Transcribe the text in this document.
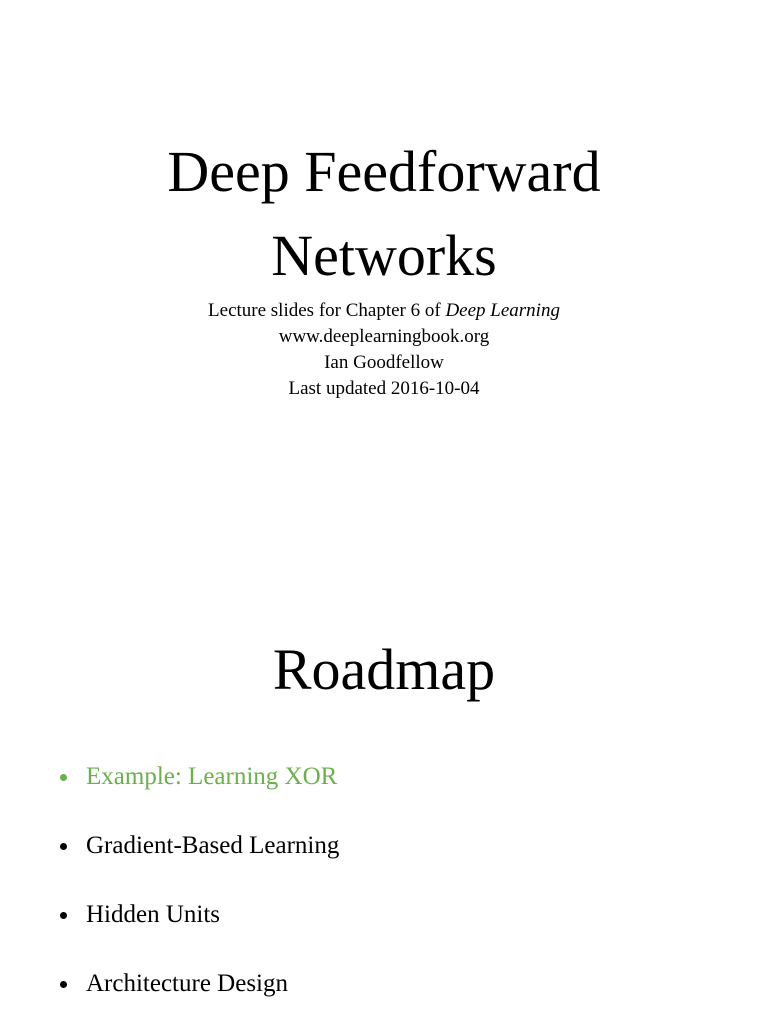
Deep Feedforward
Networks
Lecture slides for Chapter 6 of Deep Learning
www.deeplearningbook.org
Ian Goodfellow
Last updated 2016-10-04
Roadmap
Example: Learning XOR
Gradient-Based Learning
Hidden Units
Architecture Design
